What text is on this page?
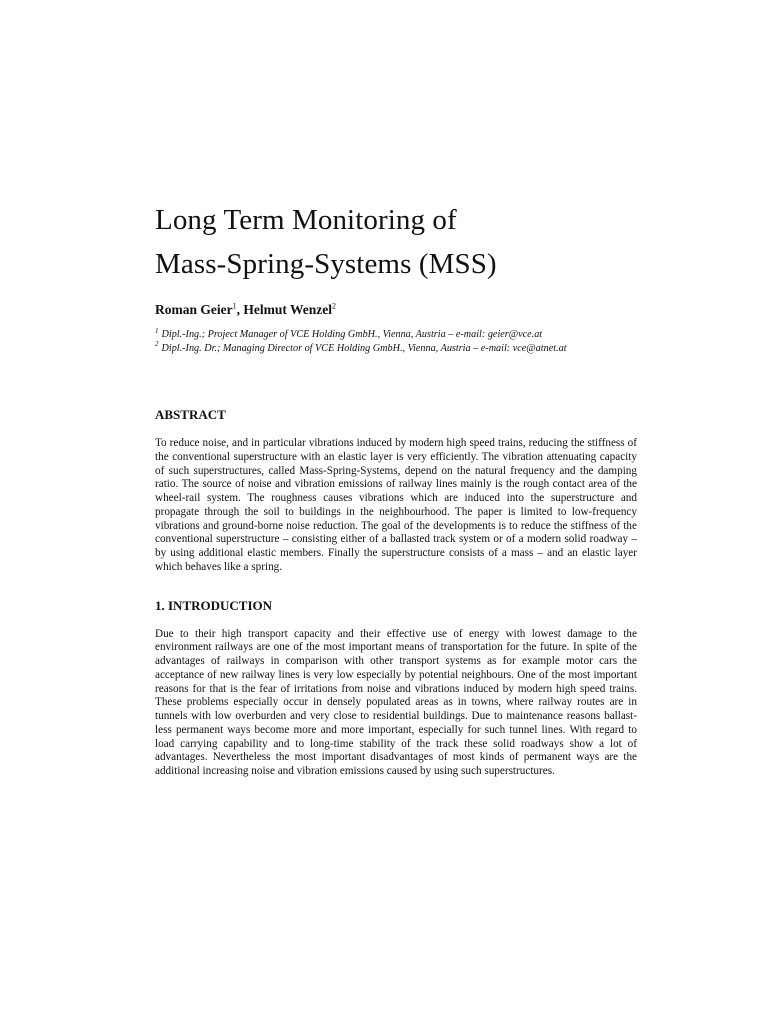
Long Term Monitoring of
Mass-Spring-Systems (MSS)
Roman Geier$^1$, Helmut Wenzel$^2$
$^1$ Dipl.-Ing.; Project Manager of VCE Holding GmbH., Vienna, Austria – e-mail: geier@vce.at
$^2$ Dipl.-Ing. Dr.; Managing Director of VCE Holding GmbH., Vienna, Austria – e-mail: vce@atnet.at
ABSTRACT

To reduce noise, and in particular vibrations induced by modern high speed trains, reducing the stiffness of the conventional superstructure with an elastic layer is very efficiently. The vibration attenuating capacity of such superstructures, called Mass-Spring-Systems, depend on the natural frequency and the damping ratio. The source of noise and vibration emissions of railway lines mainly is the rough contact area of the wheel-rail system. The roughness causes vibrations which are induced into the superstructure and propagate through the soil to buildings in the neighbourhood. The paper is limited to low-frequency vibrations and ground-borne noise reduction. The goal of the developments is to reduce the stiffness of the conventional superstructure – consisting either of a ballasted track system or of a modern solid roadway – by using additional elastic members. Finally the superstructure consists of a mass – and an elastic layer which behaves like a spring.

1. INTRODUCTION

Due to their high transport capacity and their effective use of energy with lowest damage to the environment railways are one of the most important means of transportation for the future. In spite of the advantages of railways in comparison with other transport systems as for example motor cars the acceptance of new railway lines is very low especially by potential neighbours. One of the most important reasons for that is the fear of irritations from noise and vibrations induced by modern high speed trains. These problems especially occur in densely populated areas as in towns, where railway routes are in tunnels with low overburden and very close to residential buildings. Due to maintenance reasons ballast-less permanent ways become more and more important, especially for such tunnel lines. With regard to load carrying capability and to long-time stability of the track these solid roadways show a lot of advantages. Nevertheless the most important disadvantages of most kinds of permanent ways are the additional increasing noise and vibration emissions caused by using such superstructures.
